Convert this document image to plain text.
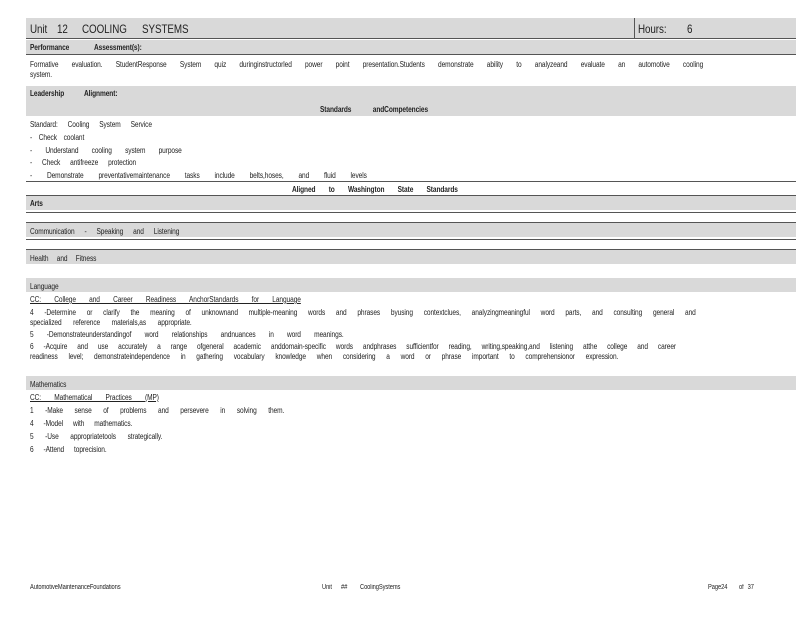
Unit 12 COOLING SYSTEMS	Hours: 6
Performance	Assessment(s):
Formative evaluation. StudentResponse System quiz duringinstructorled power point presentation.Students demonstrate ability to analyzeand evaluate an automotive cooling
system.
Leadership Alignment:
Standards andCompetencies
Standard: Cooling System Service
- Check coolant
- Understand cooling system purpose
- Check antifreeze protection
- Demonstrate preventativemaintenance tasks include belts,hoses, and fluid levels
Aligned to Washington State Standards
Arts
Communication - Speaking and Listening
Health and Fitness
Language
CC: College and Career Readiness AnchorStandards for Language
4 -Determine or clarify the meaning of unknownand multiple-meaning words and phrases byusing contextclues, analyzingmeaningful word parts, and consulting general and
specialized reference materials,as appropriate.
5 -Demonstrateunderstandingof word relationships andnuances in word meanings.
6 -Acquire and use accurately a range ofgeneral academic anddomain-specific words andphrases sufficientfor reading, writing,speaking,and listening atthe college and career
readiness level; demonstrateindependence in gathering vocabulary knowledge when considering a word or phrase important to comprehensionor expression.
Mathematics
CC: Mathematical Practices (MP)
1 -Make sense of problems and persevere in solving them.
4 -Model with mathematics.
5 -Use appropriatetools strategically.
6 -Attend toprecision.
AutomotiveMaintenanceFoundations	Unit ## CoolingSystems	Page24 of 37
